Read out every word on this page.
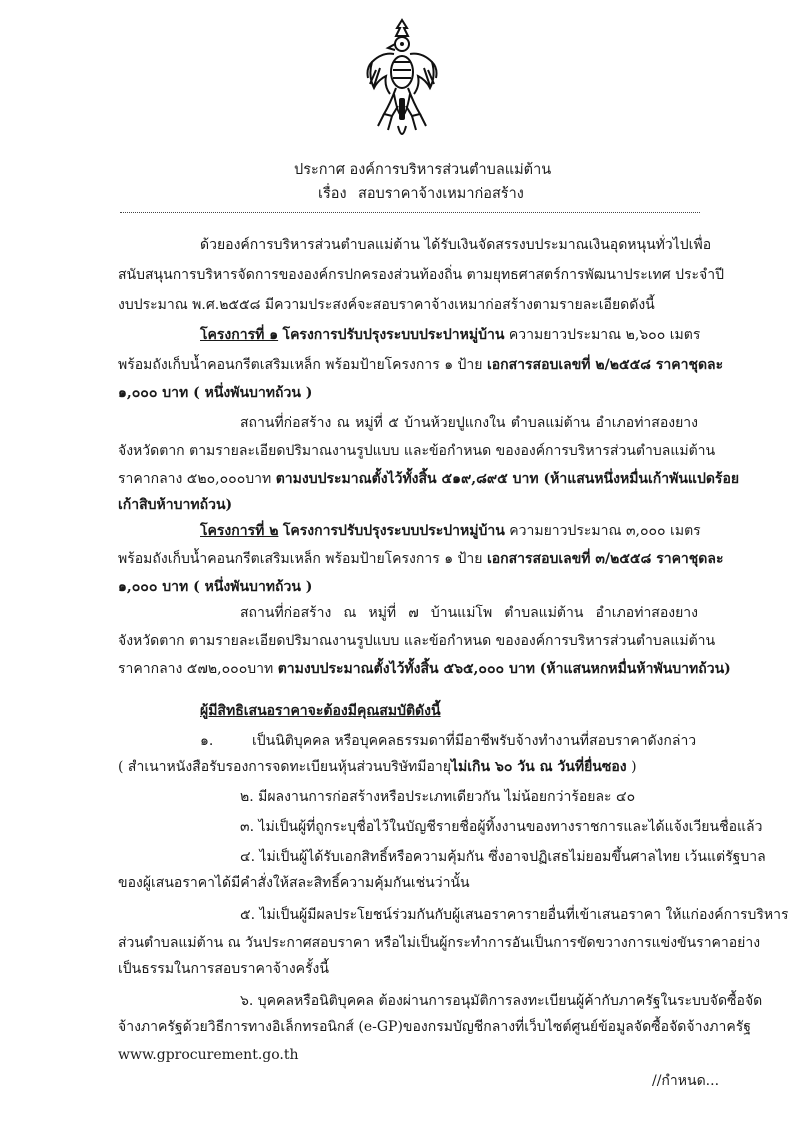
ประกาศ องค์การบริหารส่วนตำบลแม่ต้าน
เรื่อง สอบราคาจ้างเหมาก่อสร้าง
ด้วยองค์การบริหารส่วนตำบลแม่ต้าน ได้รับเงินจัดสรรงบประมาณเงินอุดหนุนทั่วไปเพื่อ
สนับสนุนการบริหารจัดการขององค์กรปกครองส่วนท้องถิ่น ตามยุทธศาสตร์การพัฒนาประเทศ ประจำปี
งบประมาณ พ.ศ.๒๕๕๘ มีความประสงค์จะสอบราคาจ้างเหมาก่อสร้างตามรายละเอียดดังนี้
โครงการที่ ๑ โครงการปรับปรุงระบบประปาหมู่บ้าน ความยาวประมาณ ๒,๖๐๐ เมตร
พร้อมถังเก็บน้ำคอนกรีตเสริมเหล็ก พร้อมป้ายโครงการ ๑ ป้าย เอกสารสอบเลขที่ ๒/๒๕๕๘ ราคาชุดละ
๑,๐๐๐ บาท ( หนึ่งพันบาทถ้วน )
สถานที่ก่อสร้าง ณ หมู่ที่ ๕ บ้านห้วยปูแกงใน ตำบลแม่ต้าน อำเภอท่าสองยาง
จังหวัดตาก ตามรายละเอียดปริมาณงานรูปแบบ และข้อกำหนด ขององค์การบริหารส่วนตำบลแม่ต้าน
ราคากลาง ๕๒๐,๐๐๐บาท ตามงบประมาณตั้งไว้ทั้งสิ้น ๕๑๙,๘๙๕ บาท (ห้าแสนหนึ่งหมื่นเก้าพันแปดร้อย
เก้าสิบห้าบาทถ้วน)
โครงการที่ ๒ โครงการปรับปรุงระบบประปาหมู่บ้าน ความยาวประมาณ ๓,๐๐๐ เมตร
พร้อมถังเก็บน้ำคอนกรีตเสริมเหล็ก พร้อมป้ายโครงการ ๑ ป้าย เอกสารสอบเลขที่ ๓/๒๕๕๘ ราคาชุดละ
๑,๐๐๐ บาท ( หนึ่งพันบาทถ้วน )
สถานที่ก่อสร้าง ณ หมู่ที่ ๗ บ้านแม่โพ ตำบลแม่ต้าน อำเภอท่าสองยาง
จังหวัดตาก ตามรายละเอียดปริมาณงานรูปแบบ และข้อกำหนด ขององค์การบริหารส่วนตำบลแม่ต้าน
ราคากลาง ๕๗๒,๐๐๐บาท ตามงบประมาณตั้งไว้ทั้งสิ้น ๕๖๕,๐๐๐ บาท (ห้าแสนหกหมื่นห้าพันบาทถ้วน)
ผู้มีสิทธิเสนอราคาจะต้องมีคุณสมบัติดังนี้
๑.	เป็นนิติบุคคล หรือบุคคลธรรมดาที่มีอาชีพรับจ้างทำงานที่สอบราคาดังกล่าว
( สำเนาหนังสือรับรองการจดทะเบียนหุ้นส่วนบริษัทมีอายุไม่เกิน ๖๐ วัน ณ วันที่ยื่นซอง )
๒. มีผลงานการก่อสร้างหรือประเภทเดียวกัน ไม่น้อยกว่าร้อยละ ๔๐
๓. ไม่เป็นผู้ที่ถูกระบุชื่อไว้ในบัญชีรายชื่อผู้ทิ้งงานของทางราชการและได้แจ้งเวียนชื่อแล้ว
๔. ไม่เป็นผู้ได้รับเอกสิทธิ์หรือความคุ้มกัน ซึ่งอาจปฏิเสธไม่ยอมขึ้นศาลไทย เว้นแต่รัฐบาล
ของผู้เสนอราคาได้มีคำสั่งให้สละสิทธิ์ความคุ้มกันเช่นว่านั้น
๕. ไม่เป็นผู้มีผลประโยชน์ร่วมกันกับผู้เสนอราคารายอื่นที่เข้าเสนอราคา ให้แก่องค์การบริหาร
ส่วนตำบลแม่ต้าน ณ วันประกาศสอบราคา หรือไม่เป็นผู้กระทำการอันเป็นการขัดขวางการแข่งขันราคาอย่าง
เป็นธรรมในการสอบราคาจ้างครั้งนี้
๖. บุคคลหรือนิติบุคคล ต้องผ่านการอนุมัติการลงทะเบียนผู้ค้ากับภาครัฐในระบบจัดซื้อจัด
จ้างภาครัฐด้วยวิธีการทางอิเล็กทรอนิกส์ (e-GP)ของกรมบัญชีกลางที่เว็บไซต์ศูนย์ข้อมูลจัดซื้อจัดจ้างภาครัฐ
www.gprocurement.go.th
//กำหนด...
